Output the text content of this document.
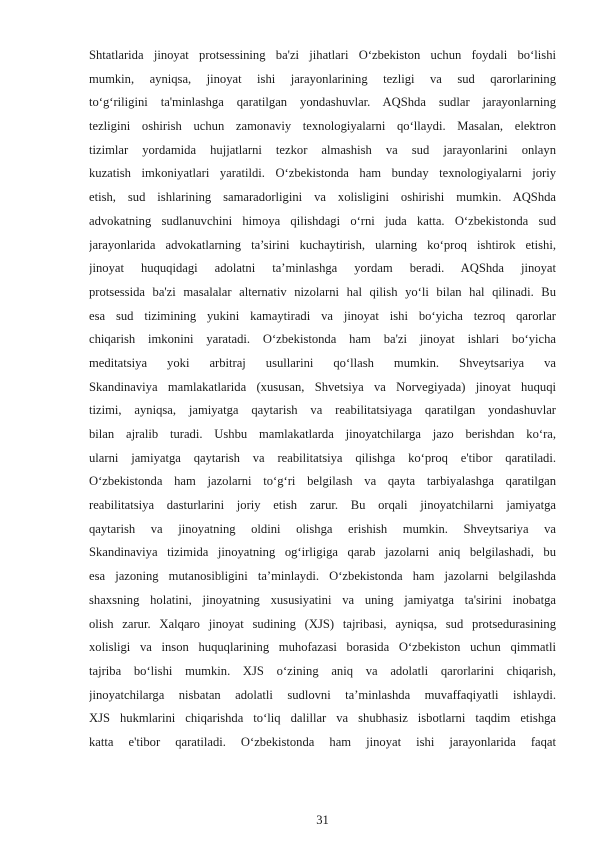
Shtatlarida jinoyat protsessining ba'zi jihatlari O‘zbekiston uchun foydali bo‘lishi
mumkin, ayniqsa, jinoyat ishi jarayonlarining tezligi va sud qarorlarining
to‘g‘riligini ta'minlashga qaratilgan yondashuvlar. AQShda sudlar jarayonlarning
tezligini oshirish uchun zamonaviy texnologiyalarni qo‘llaydi. Masalan, elektron
tizimlar yordamida hujjatlarni tezkor almashish va sud jarayonlarini onlayn
kuzatish imkoniyatlari yaratildi. O‘zbekistonda ham bunday texnologiyalarni joriy
etish, sud ishlarining samaradorligini va xolisligini oshirishi mumkin. AQShda
advokatning sudlanuvchini himoya qilishdagi o‘rni juda katta. O‘zbekistonda sud
jarayonlarida advokatlarning ta’sirini kuchaytirish, ularning ko‘proq ishtirok etishi,
jinoyat huquqidagi adolatni ta’minlashga yordam beradi. AQShda jinoyat
protsessida ba'zi masalalar alternativ nizolarni hal qilish yo‘li bilan hal qilinadi. Bu
esa sud tizimining yukini kamaytiradi va jinoyat ishi bo‘yicha tezroq qarorlar
chiqarish imkonini yaratadi. O‘zbekistonda ham ba'zi jinoyat ishlari bo‘yicha
meditatsiya yoki arbitraj usullarini qo‘llash mumkin. Shveytsariya va
Skandinaviya mamlakatlarida (xususan, Shvetsiya va Norvegiyada) jinoyat huquqi
tizimi, ayniqsa, jamiyatga qaytarish va reabilitatsiyaga qaratilgan yondashuvlar
bilan ajralib turadi. Ushbu mamlakatlarda jinoyatchilarga jazo berishdan ko‘ra,
ularni jamiyatga qaytarish va reabilitatsiya qilishga ko‘proq e'tibor qaratiladi.
O‘zbekistonda ham jazolarni to‘g‘ri belgilash va qayta tarbiyalashga qaratilgan
reabilitatsiya dasturlarini joriy etish zarur. Bu orqali jinoyatchilarni jamiyatga
qaytarish va jinoyatning oldini olishga erishish mumkin. Shveytsariya va
Skandinaviya tizimida jinoyatning og‘irligiga qarab jazolarni aniq belgilashadi, bu
esa jazoning mutanosibligini ta’minlaydi. O‘zbekistonda ham jazolarni belgilashda
shaxsning holatini, jinoyatning xususiyatini va uning jamiyatga ta'sirini inobatga
olish zarur. Xalqaro jinoyat sudining (XJS) tajribasi, ayniqsa, sud protsedurasining
xolisligi va inson huquqlarining muhofazasi borasida O‘zbekiston uchun qimmatli
tajriba bo‘lishi mumkin. XJS o‘zining aniq va adolatli qarorlarini chiqarish,
jinoyatchilarga nisbatan adolatli sudlovni ta’minlashda muvaffaqiyatli ishlaydi.
XJS hukmlarini chiqarishda to‘liq dalillar va shubhasiz isbotlarni taqdim etishga
katta e'tibor qaratiladi. O‘zbekistonda ham jinoyat ishi jarayonlarida faqat
31
